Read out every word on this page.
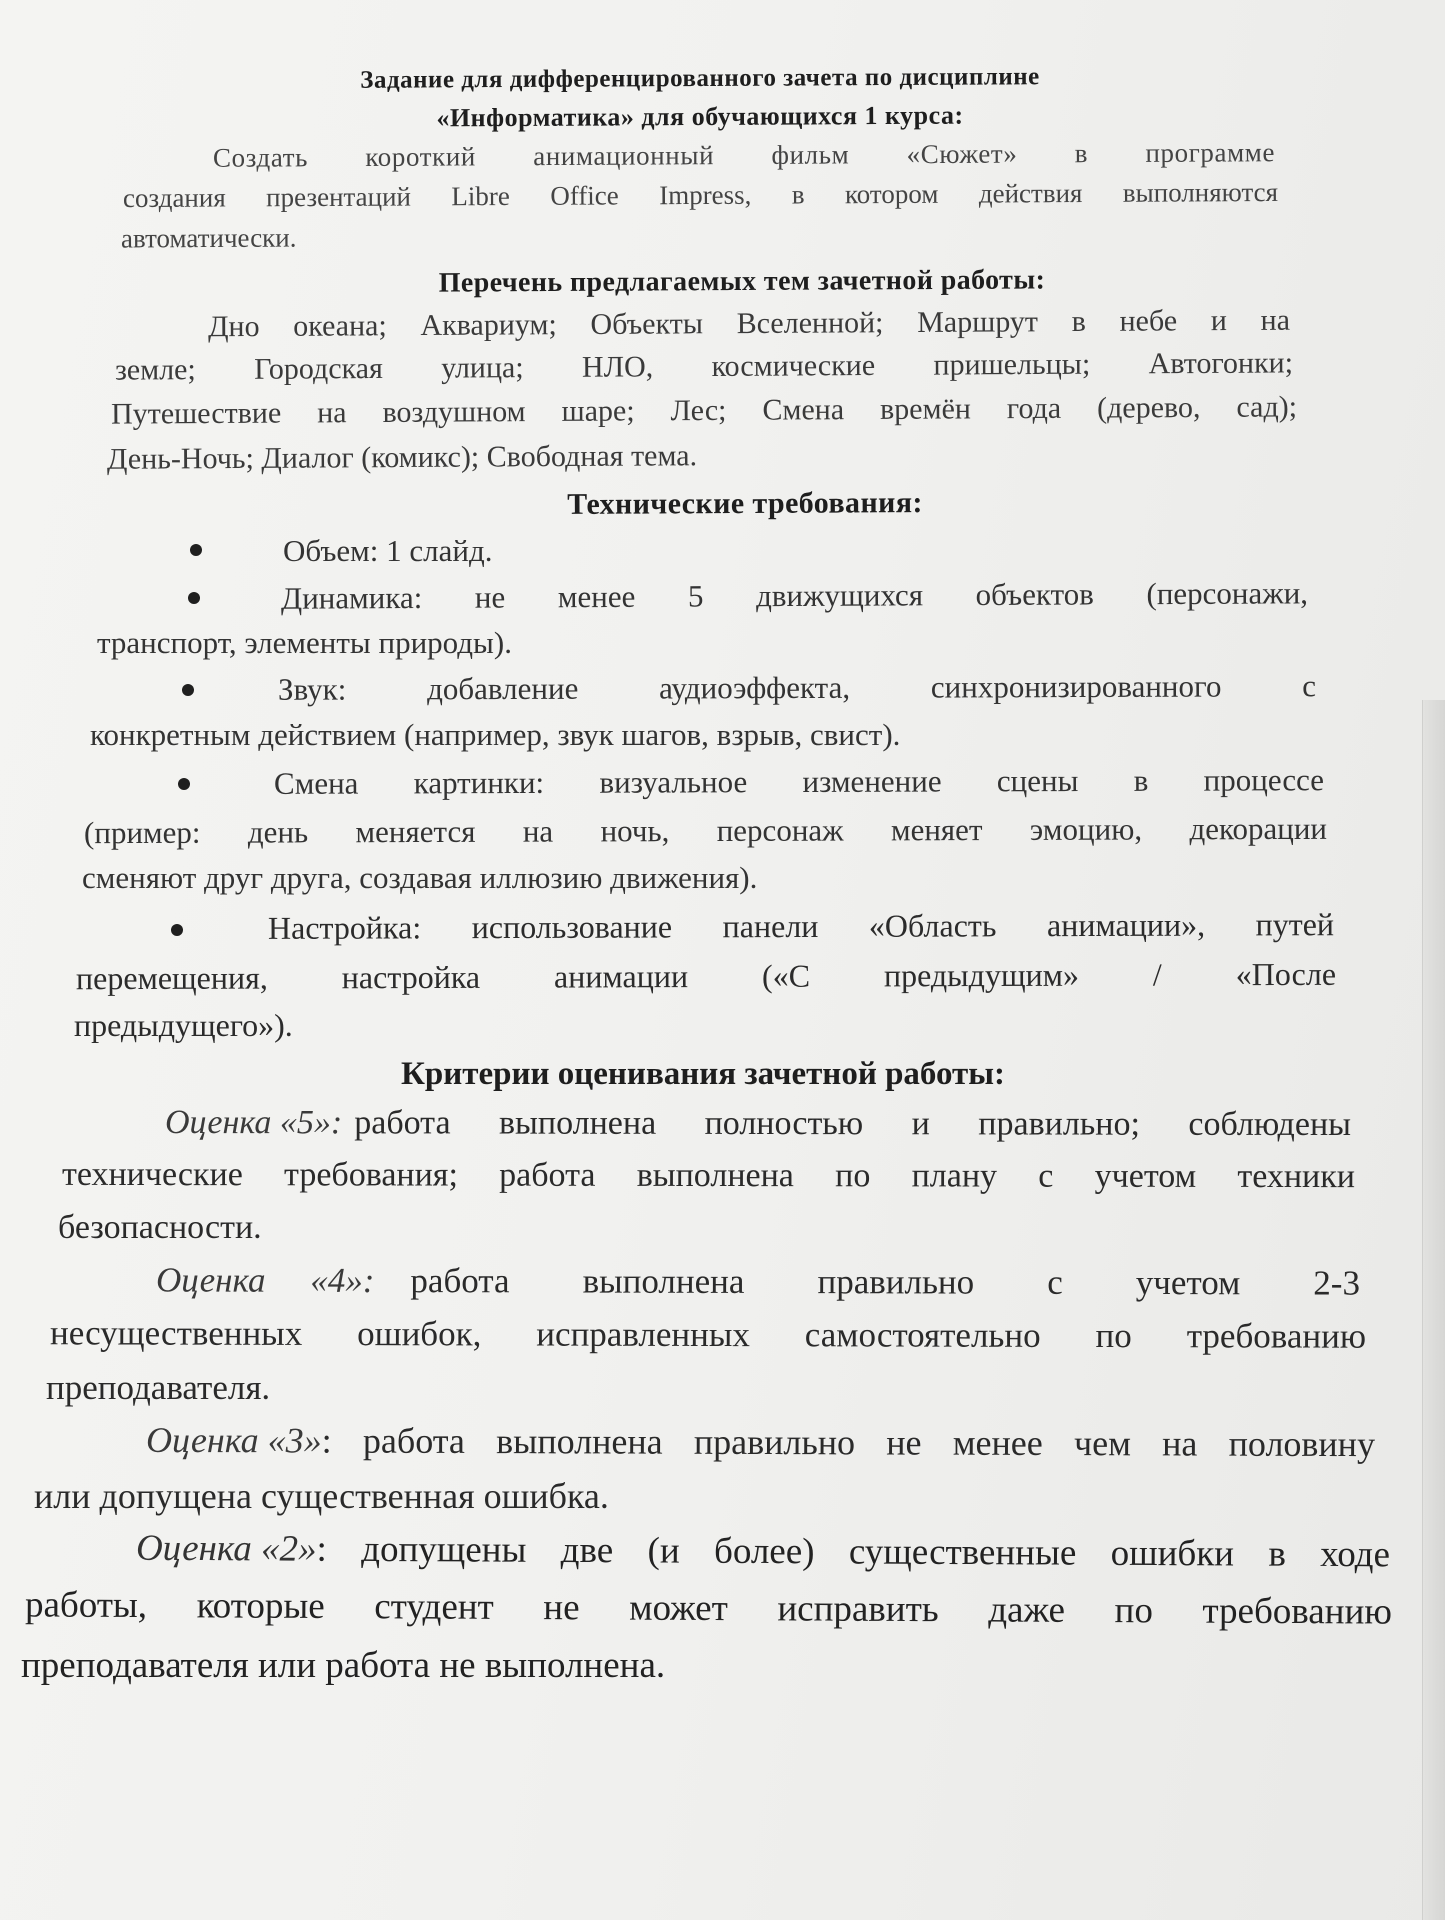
Задание для дифференцированного зачета по дисциплине
«Информатика» для обучающихся 1 курса:
Создать короткий анимационный фильм «Сюжет» в программе
создания презентаций Libre Office Impress, в котором действия выполняются
автоматически.
Перечень предлагаемых тем зачетной работы:
Дно океана; Аквариум; Объекты Вселенной; Маршрут в небе и на
земле; Городская улица; НЛО, космические пришельцы; Автогонки;
Путешествие на воздушном шаре; Лес; Смена времён года (дерево, сад);
День-Ночь; Диалог (комикс); Свободная тема.
Технические требования:
Объем: 1 слайд.
Динамика: не менее 5 движущихся объектов (персонажи,
транспорт, элементы природы).
Звук: добавление аудиоэффекта, синхронизированного с
конкретным действием (например, звук шагов, взрыв, свист).
Смена картинки: визуальное изменение сцены в процессе
(пример: день меняется на ночь, персонаж меняет эмоцию, декорации
сменяют друг друга, создавая иллюзию движения).
Настройка: использование панели «Область анимации», путей
перемещения, настройка анимации («С предыдущим» / «После
предыдущего»).
Критерии оценивания зачетной работы:
Оценка «5»: работа выполнена полностью и правильно; соблюдены
технические требования; работа выполнена по плану с учетом техники
безопасности.
Оценка «4»: работа выполнена правильно с учетом 2-3
несущественных ошибок, исправленных самостоятельно по требованию
преподавателя.
Оценка «3» : работа выполнена правильно не менее чем на половину
или допущена существенная ошибка.
Оценка «2» : допущены две (и более) существенные ошибки в ходе
работы, которые студент не может исправить даже по требованию
преподавателя или работа не выполнена.
